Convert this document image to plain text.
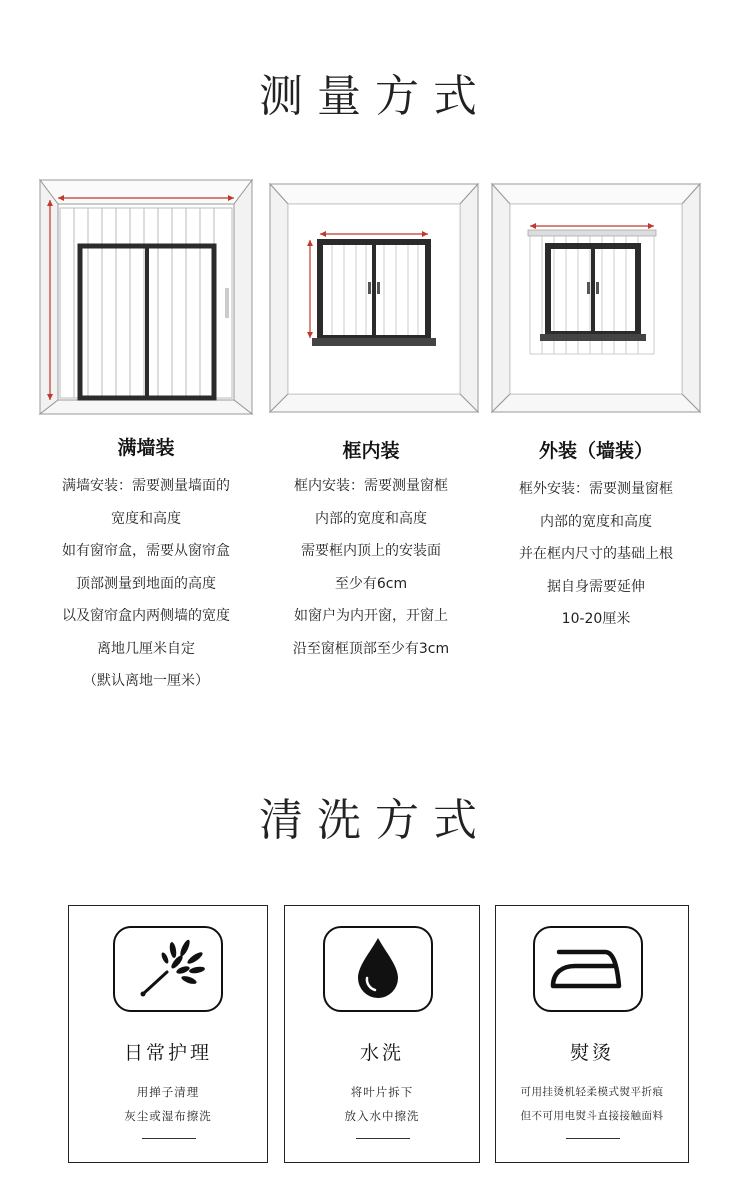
测量方式
满墙装
满墙安装：需要测量墙面的
宽度和高度
如有窗帘盒，需要从窗帘盒
顶部测量到地面的高度
以及窗帘盒内两侧墙的宽度
离地几厘米自定
（默认离地一厘米）
框内装
框内安装：需要测量窗框
内部的宽度和高度
需要框内顶上的安装面
至少有6cm
如窗户为内开窗，开窗上
沿至窗框顶部至少有3cm
外装（墙装）
框外安装：需要测量窗框
内部的宽度和高度
并在框内尺寸的基础上根
据自身需要延伸
10-20厘米
清洗方式
日常护理
用掸子清理
灰尘或湿布擦洗
水洗
将叶片拆下
放入水中擦洗
熨烫
可用挂烫机轻柔模式熨平折痕
但不可用电熨斗直接接触面料
